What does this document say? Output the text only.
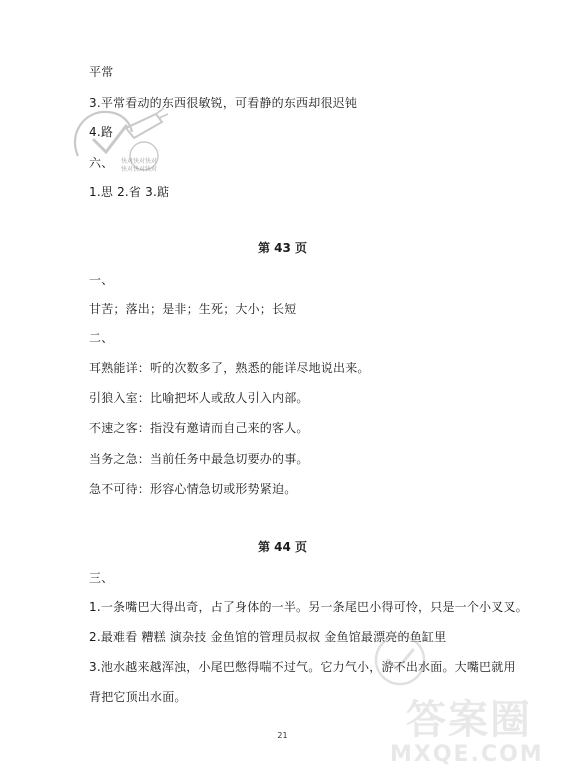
平常
3.平常看动的东西很敏锐，可看静的东西却很迟钝
4.路
六、
1.思 2.省 3.踮
快对快对快对
快对快对快对
第 43 页
一、
甘苦；落出；是非；生死；大小；长短
二、
耳熟能详：听的次数多了，熟悉的能详尽地说出来。
引狼入室：比喻把坏人或敌人引入内部。
不速之客：指没有邀请而自己来的客人。
当务之急：当前任务中最急切要办的事。
急不可待：形容心情急切或形势紧迫。
第 44 页
三、
1.一条嘴巴大得出奇，占了身体的一半。另一条尾巴小得可怜，只是一个小叉叉。
2.最难看 糟糕 演杂技 金鱼馆的管理员叔叔 金鱼馆最漂亮的鱼缸里
3.池水越来越浑浊，小尾巴憋得喘不过气。它力气小，游不出水面。大嘴巴就用
背把它顶出水面。
21	答案圈
MXQE.COM
